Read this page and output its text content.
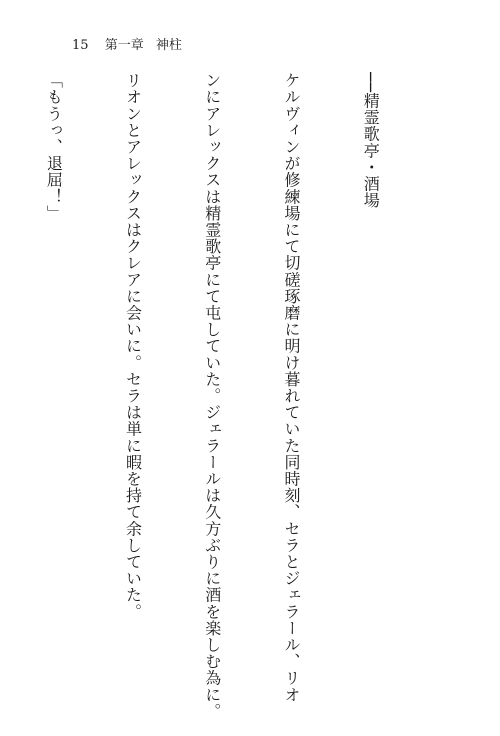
15 第一章 神柱

──精霊歌亭・酒場

ケルヴィンが修練場にて切磋琢磨に明け暮れていた同時刻、セラとジェラール、リオ

ンにアレックスは精霊歌亭にて屯していた。ジェラールは久方ぶりに酒を楽しむ為に。

リオンとアレックスはクレアに会いに。セラは単に暇を持て余していた。

「もうっ、退屈！」
